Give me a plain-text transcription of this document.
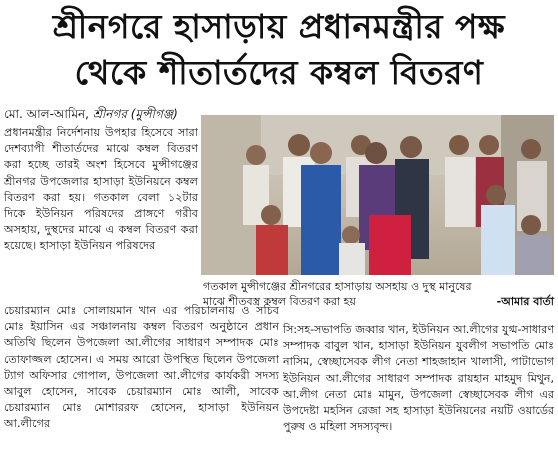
শ্রীনগরে হাসাড়ায় প্রধানমন্ত্রীর পক্ষ
থেকে শীতার্তদের কম্বল বিতরণ
মো. আল-আমিন, শ্রীনগর (মুন্সীগঞ্জ)

প্রধানমন্ত্রীর নির্দেশনায় উপহার হিসেবে সারা দেশব্যাপী শীতার্তদের মাঝে কম্বল বিতরণ করা হচ্ছে তারই অংশ হিসেবে মুন্সীগঞ্জের শ্রীনগর উপজেলার হাসাড়া ইউনিয়নে কম্বল বিতরণ করা হয়। গতকাল বেলা ১২টার দিকে ইউনিয়ন পরিষদের প্রাঙ্গণে গরীব অসহায়, দুস্থদের মাঝে এ কম্বল বিতরণ করা হয়েছে। হাসাড়া ইউনিয়ন পরিষদের

গতকাল মুন্সীগঞ্জের শ্রীনগরের হাসাড়ায় অসহায় ও দুস্থ মানুষের
মাঝে শীতবস্ত্র কম্বল বিতরণ করা হয়	-আমার বার্তা

চেয়ারম্যান মোঃ সোলায়মান খান এর পরিচালনায় ও সচিব মোঃ ইয়াসিন এর সঞ্চালনায় কম্বল বিতরণ অনুষ্ঠানে প্রধান অতিথি ছিলেন উপজেলা আ.লীগের সাধারণ সম্পাদক মোঃ তোফাজ্জল হোসেন। এ সময় আরো উপস্থিত ছিলেন উপজেলা ট্যাগ অফিসার গোপাল, উপজেলা আ.লীগের কার্যকরী সদস্য আবুল হোসেন, সাবেক চেয়ারম্যান মোঃ আলী, সাবেক চেয়ারম্যান মোঃ মোশাররফ হোসেন, হাসাড়া ইউনিয়ন আ.লীগের

সি:সহ-সভাপতি জব্বার খান, ইউনিয়ন আ.লীগের যুগ্ম-সাধারণ সম্পাদক বাবুল খান, হাসাড়া ইউনিয়ন যুবলীগ সভাপতি মোঃ নাসিম, স্বেচ্ছাসেবক লীগ নেতা শাহজাহান খালাসী, পাটাভোগ ইউনিয়ন আ.লীগের সাধারণ সম্পাদক রায়হান মাহমুদ মিথুন, আ.লীগ নেতা মোঃ মামুন, উপজেলা স্বেচ্ছাসেবক লীগ এর উপদেষ্টা মহসিন রেজা সহ হাসাড়া ইউনিয়নের নয়টি ওয়ার্ডের পুরুষ ও মহিলা সদস্যবৃন্দ।
